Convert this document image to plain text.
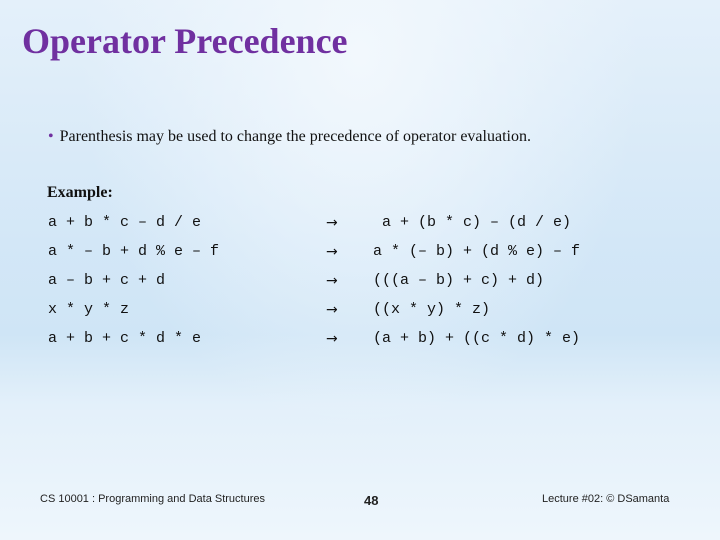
Operator Precedence
• Parenthesis may be used to change the precedence of operator evaluation.
Example:
a + b * c – d / e	→ a + (b * c) – (d / e)
a * – b + d % e – f	→ a * (– b) + (d % e) – f
a – b + c + d	→ (((a – b) + c) + d)
x * y * z	→ ((x * y) * z)
a + b + c * d * e	→ (a + b) + ((c * d) * e)
CS 10001 : Programming and Data Structures	48	Lecture #02: © DSamanta
